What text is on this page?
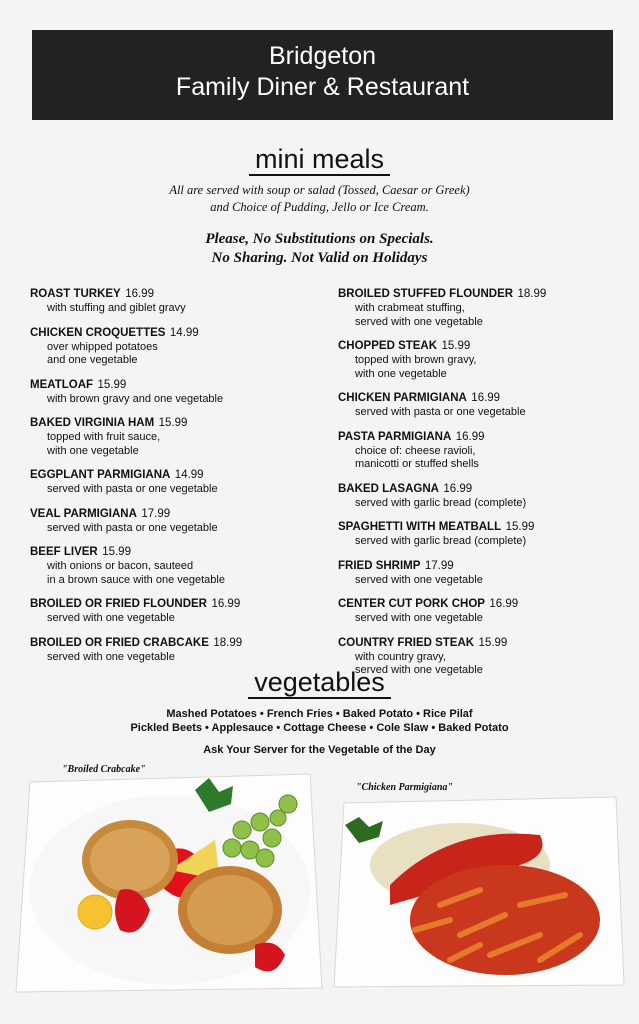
Bridgeton
Family Diner & Restaurant
mini meals
All are served with soup or salad (Tossed, Caesar or Greek)
and Choice of Pudding, Jello or Ice Cream.
Please, No Substitutions on Specials.
No Sharing. Not Valid on Holidays
ROAST TURKEY 16.99
with stuffing and giblet gravy
CHICKEN CROQUETTES 14.99
over whipped potatoes
and one vegetable
MEATLOAF 15.99
with brown gravy and one vegetable
BAKED VIRGINIA HAM 15.99
topped with fruit sauce,
with one vegetable
EGGPLANT PARMIGIANA 14.99
served with pasta or one vegetable
VEAL PARMIGIANA 17.99
served with pasta or one vegetable
BEEF LIVER 15.99
with onions or bacon, sauteed
in a brown sauce with one vegetable
BROILED OR FRIED FLOUNDER 16.99
served with one vegetable
BROILED OR FRIED CRABCAKE 18.99
served with one vegetable
BROILED STUFFED FLOUNDER 18.99
with crabmeat stuffing,
served with one vegetable
CHOPPED STEAK 15.99
topped with brown gravy,
with one vegetable
CHICKEN PARMIGIANA 16.99
served with pasta or one vegetable
PASTA PARMIGIANA 16.99
choice of: cheese ravioli,
manicotti or stuffed shells
BAKED LASAGNA 16.99
served with garlic bread (complete)
SPAGHETTI WITH MEATBALL 15.99
served with garlic bread (complete)
FRIED SHRIMP 17.99
served with one vegetable
CENTER CUT PORK CHOP 16.99
served with one vegetable
COUNTRY FRIED STEAK 15.99
with country gravy,
served with one vegetable
vegetables
Mashed Potatoes • French Fries • Baked Potato • Rice Pilaf
Pickled Beets • Applesauce • Cottage Cheese • Cole Slaw • Baked Potato
Ask Your Server for the Vegetable of the Day
"Broiled Crabcake"
"Chicken Parmigiana"
